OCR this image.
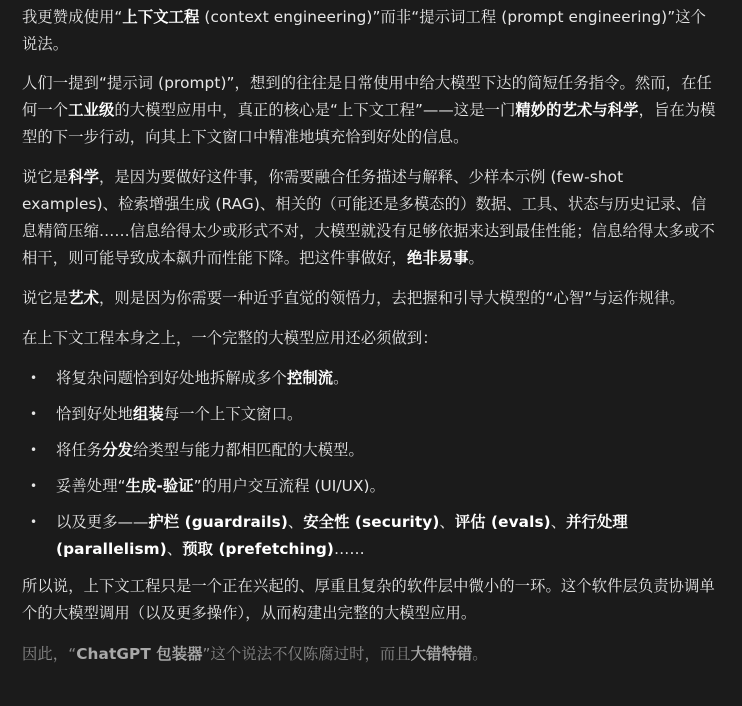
我更赞成使用“上下文工程 (context engineering)”而非“提示词工程 (prompt engineering)”这个说法。

人们一提到“提示词 (prompt)”，想到的往往是日常使用中给大模型下达的简短任务指令。然而，在任何一个工业级的大模型应用中，真正的核心是“上下文工程”——这是一门精妙的艺术与科学，旨在为模型的下一步行动，向其上下文窗口中精准地填充恰到好处的信息。

说它是科学，是因为要做好这件事，你需要融合任务描述与解释、少样本示例 (few-shot examples)、检索增强生成 (RAG)、相关的（可能还是多模态的）数据、工具、状态与历史记录、信息精简压缩……信息给得太少或形式不对，大模型就没有足够依据来达到最佳性能；信息给得太多或不相干，则可能导致成本飙升而性能下降。把这件事做好，绝非易事。

说它是艺术，则是因为你需要一种近乎直觉的领悟力，去把握和引导大模型的“心智”与运作规律。

在上下文工程本身之上，一个完整的大模型应用还必须做到：

• 将复杂问题恰到好处地拆解成多个控制流。
• 恰到好处地组装每一个上下文窗口。
• 将任务分发给类型与能力都相匹配的大模型。
• 妥善处理“生成-验证”的用户交互流程 (UI/UX)。
• 以及更多——护栏 (guardrails)、安全性 (security)、评估 (evals)、并行处理 (parallelism)、预取 (prefetching)……

所以说，上下文工程只是一个正在兴起的、厚重且复杂的软件层中微小的一环。这个软件层负责协调单个的大模型调用（以及更多操作），从而构建出完整的大模型应用。

因此，“ChatGPT 包装器”这个说法不仅陈腐过时，而且大错特错。
